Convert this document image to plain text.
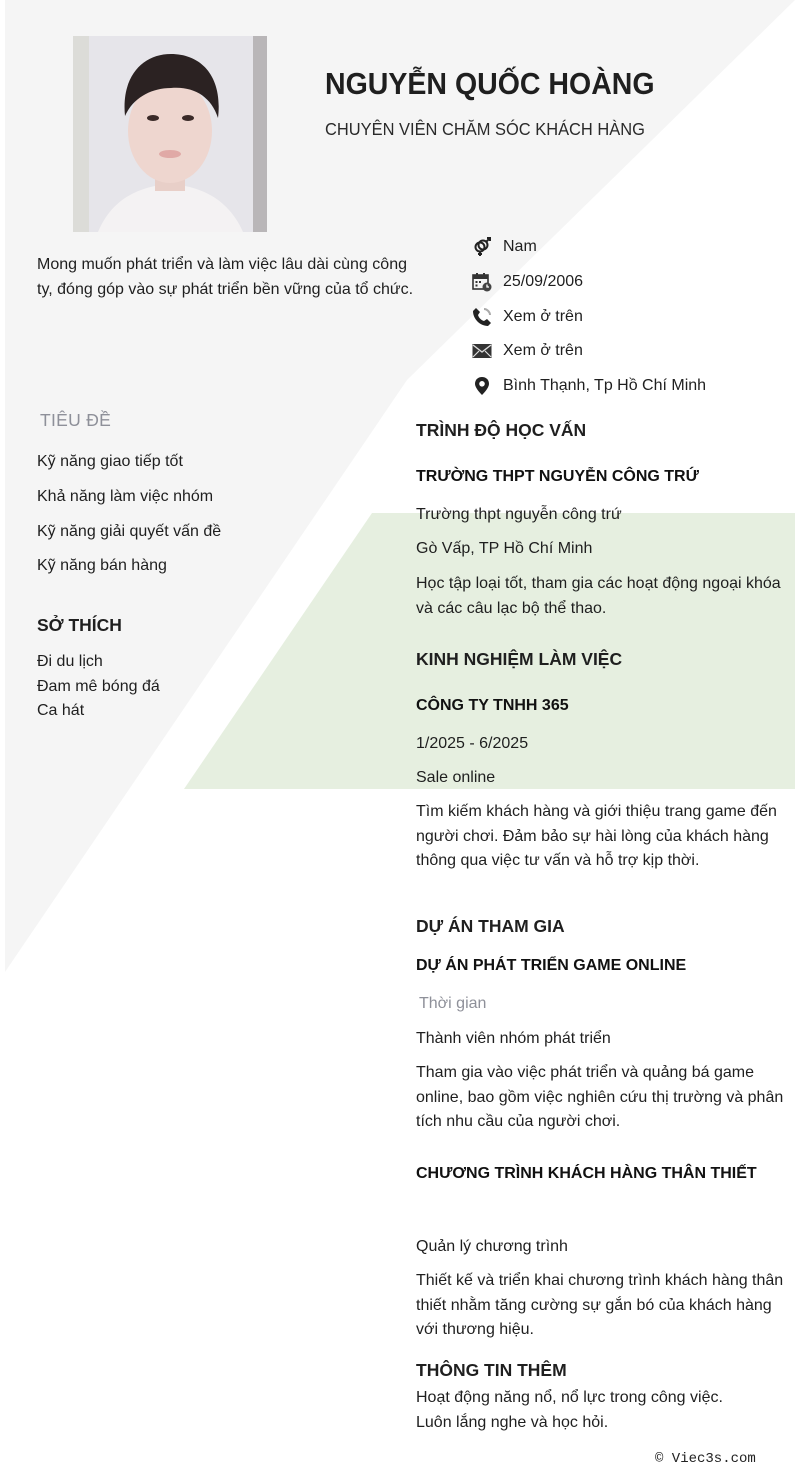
NGUYỄN QUỐC HOÀNG
CHUYÊN VIÊN CHĂM SÓC KHÁCH HÀNG
Mong muốn phát triển và làm việc lâu dài cùng công ty, đóng góp vào sự phát triển bền vững của tổ chức.
Nam
25/09/2006
Xem ở trên
Xem ở trên
Bình Thạnh, Tp Hồ Chí Minh
TIÊU ĐỀ
Kỹ năng giao tiếp tốt
Khả năng làm việc nhóm
Kỹ năng giải quyết vấn đề
Kỹ năng bán hàng
SỞ THÍCH
Đi du lịch
Đam mê bóng đá
Ca hát
TRÌNH ĐỘ HỌC VẤN
TRƯỜNG THPT NGUYỄN CÔNG TRỨ
Trường thpt nguyễn công trứ
Gò Vấp, TP Hồ Chí Minh
Học tập loại tốt, tham gia các hoạt động ngoại khóa và các câu lạc bộ thể thao.
KINH NGHIỆM LÀM VIỆC
CÔNG TY TNHH 365
1/2025 - 6/2025
Sale online
Tìm kiếm khách hàng và giới thiệu trang game đến người chơi. Đảm bảo sự hài lòng của khách hàng thông qua việc tư vấn và hỗ trợ kịp thời.
DỰ ÁN THAM GIA
DỰ ÁN PHÁT TRIỂN GAME ONLINE
Thời gian
Thành viên nhóm phát triển
Tham gia vào việc phát triển và quảng bá game online, bao gồm việc nghiên cứu thị trường và phân tích nhu cầu của người chơi.
CHƯƠNG TRÌNH KHÁCH HÀNG THÂN THIẾT
Quản lý chương trình
Thiết kế và triển khai chương trình khách hàng thân thiết nhằm tăng cường sự gắn bó của khách hàng với thương hiệu.
THÔNG TIN THÊM
Hoạt động năng nổ, nổ lực trong công việc.
Luôn lắng nghe và học hỏi.
© Viec3s.com
